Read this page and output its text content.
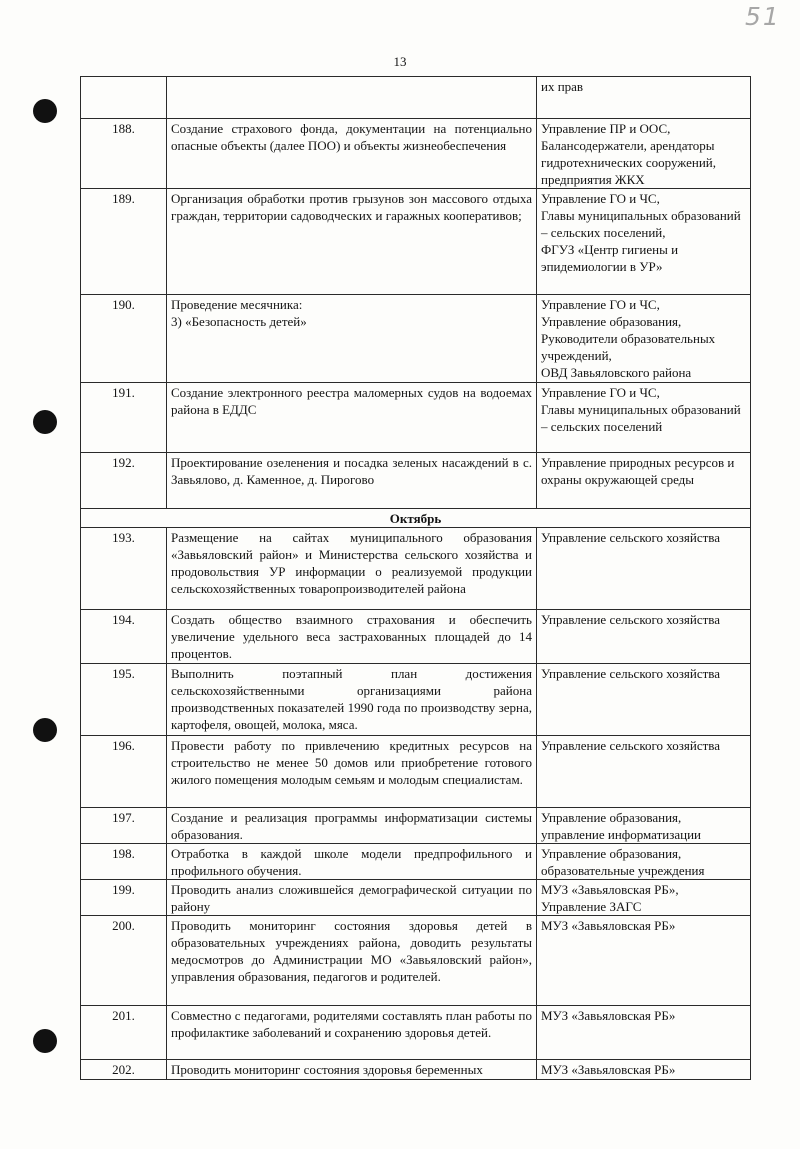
51
13
		их прав
188.	Создание страхового фонда, документации на потенциально опасные объекты (далее ПОО) и объекты жизнеобеспечения	Управление ПР и ООС,
Балансодержатели, арендаторы гидротехнических сооружений, предприятия ЖКХ
189.	Организация обработки против грызунов зон массового отдыха граждан, территории садоводческих и гаражных кооперативов;	Управление ГО и ЧС,
Главы муниципальных образований – сельских поселений,
ФГУЗ «Центр гигиены и эпидемиологии в УР»
190.	Проведение месячника:
3) «Безопасность детей»	Управление ГО и ЧС,
Управление образования,
Руководители образовательных учреждений,
ОВД Завьяловского района
191.	Создание электронного реестра маломерных судов на водоемах района в ЕДДС	Управление ГО и ЧС,
Главы муниципальных образований – сельских поселений
192.	Проектирование озеленения и посадка зеленых насаждений в с. Завьялово, д. Каменное, д. Пирогово	Управление природных ресурсов и охраны окружающей среды
Октябрь		
193.	Размещение на сайтах муниципального образования «Завьяловский район» и Министерства сельского хозяйства и продовольствия УР информации о реализуемой продукции сельскохозяйственных товаропроизводителей района	Управление сельского хозяйства
194.	Создать общество взаимного страхования и обеспечить увеличение удельного веса застрахованных площадей до 14 процентов.	Управление сельского хозяйства
195.	Выполнить поэтапный план достижения сельскохозяйственными организациями района производственных показателей 1990 года по производству зерна, картофеля, овощей, молока, мяса.	Управление сельского хозяйства
196.	Провести работу по привлечению кредитных ресурсов на строительство не менее 50 домов или приобретение готового жилого помещения молодым семьям и молодым специалистам.	Управление сельского хозяйства
197.	Создание и реализация программы информатизации системы образования.	Управление образования, управление информатизации
198.	Отработка в каждой школе модели предпрофильного и профильного обучения.	Управление образования, образовательные учреждения
199.	Проводить анализ сложившейся демографической ситуации по району	МУЗ «Завьяловская РБ»,
Управление ЗАГС
200.	Проводить мониторинг состояния здоровья детей в образовательных учреждениях района, доводить результаты медосмотров до Администрации МО «Завьяловский район», управления образования, педагогов и родителей.	МУЗ «Завьяловская РБ»
201.	Совместно с педагогами, родителями составлять план работы по профилактике заболеваний и сохранению здоровья детей.	МУЗ «Завьяловская РБ»
202.	Проводить мониторинг состояния здоровья беременных	МУЗ «Завьяловская РБ»
